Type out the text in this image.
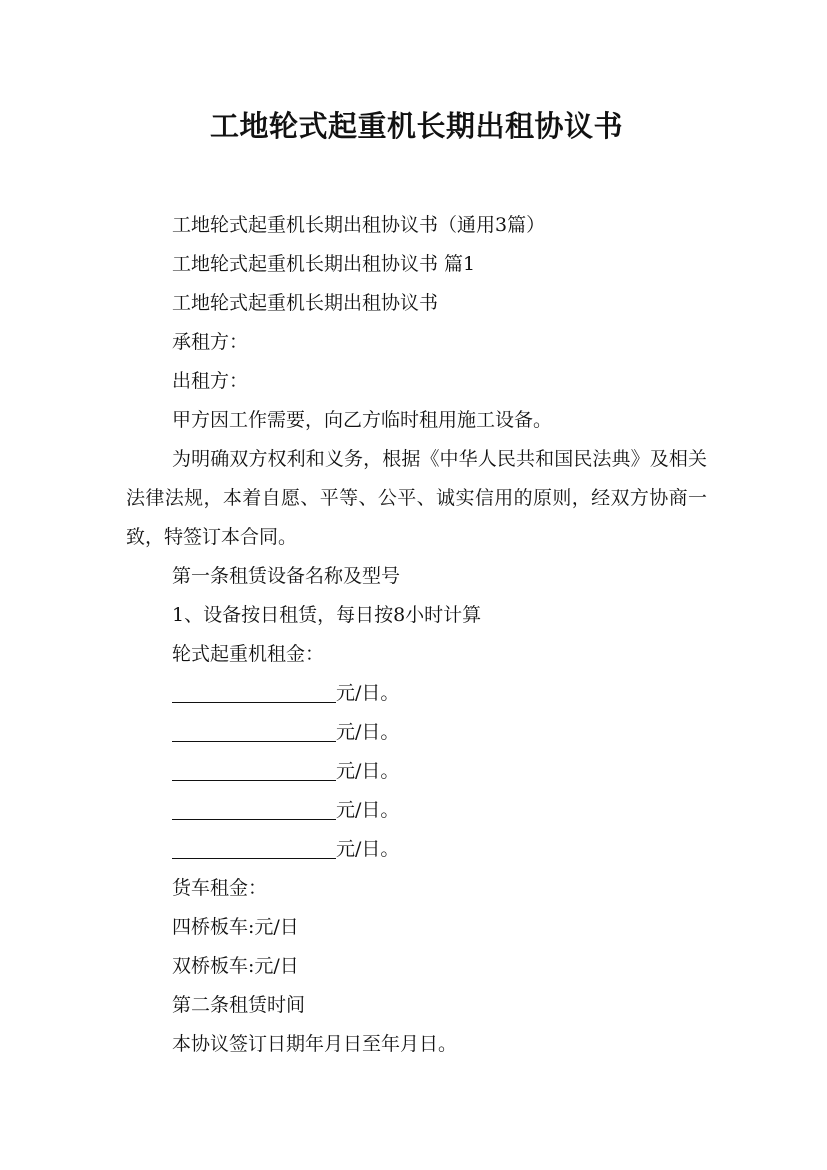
工地轮式起重机长期出租协议书

工地轮式起重机长期出租协议书（通用3篇）

工地轮式起重机长期出租协议书 篇1

工地轮式起重机长期出租协议书

承租方：

出租方：

甲方因工作需要，向乙方临时租用施工设备。

为明确双方权利和义务，根据《中华人民共和国民法典》及相关法律法规，本着自愿、平等、公平、诚实信用的原则，经双方协商一致，特签订本合同。

第一条租赁设备名称及型号

1、设备按日租赁，每日按8小时计算

轮式起重机租金：

元/日。

元/日。

元/日。

元/日。

元/日。

货车租金：

四桥板车:元/日

双桥板车:元/日

第二条租赁时间

本协议签订日期年月日至年月日。
